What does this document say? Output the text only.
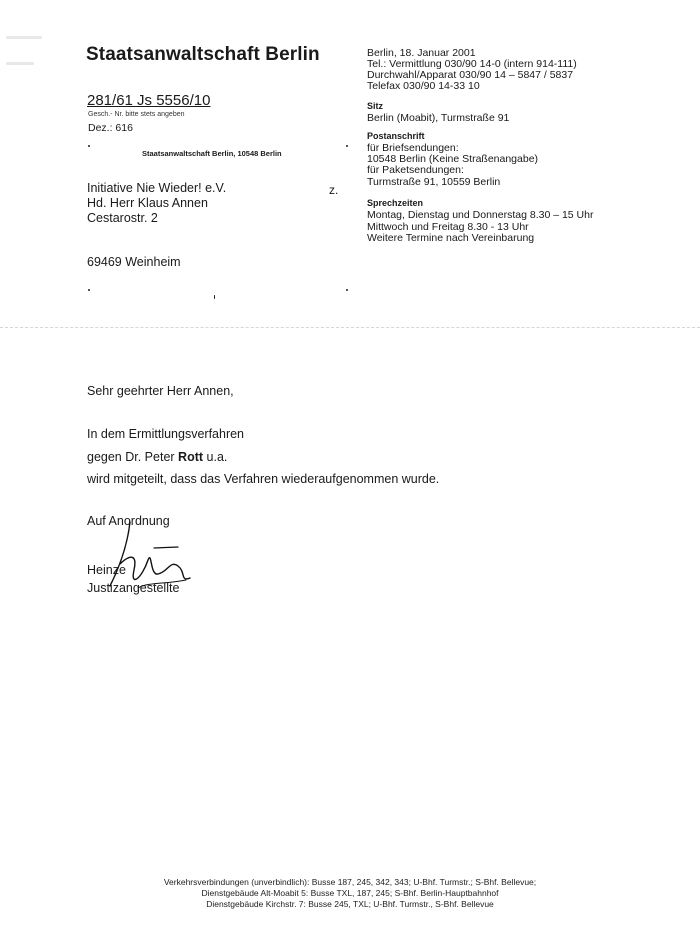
Staatsanwaltschaft Berlin
281/61 Js 5556/10
Gesch.- Nr. bitte stets angeben
Dez.: 616
Staatsanwaltschaft Berlin, 10548 Berlin
Berlin, 18. Januar 2001
Tel.: Vermittlung 030/90 14-0 (intern 914-111)
Durchwahl/Apparat 030/90 14 – 5847 / 5837
Telefax 030/90 14-33 10
Sitz
Berlin (Moabit), Turmstraße 91
Postanschrift
für Briefsendungen:
10548 Berlin (Keine Straßenangabe)
für Paketsendungen:
Turmstraße 91, 10559 Berlin
Sprechzeiten
Montag, Dienstag und Donnerstag 8.30 – 15 Uhr
Mittwoch und Freitag 8.30 - 13 Uhr
Weitere Termine nach Vereinbarung
Initiative Nie Wieder! e.V.
Hd. Herr Klaus Annen
Cestarostr. 2
69469 Weinheim
z.
Sehr geehrter Herr Annen,
In dem Ermittlungsverfahren
gegen Dr. Peter Rott u.a.
wird mitgeteilt, dass das Verfahren wiederaufgenommen wurde.
Auf Anordnung
Heinze
Justizangestellte
Verkehrsverbindungen (unverbindlich): Busse 187, 245, 342, 343; U-Bhf. Turmstr.; S-Bhf. Bellevue;
Dienstgebäude Alt-Moabit 5: Busse TXL, 187, 245; S-Bhf. Berlin-Hauptbahnhof
Dienstgebäude Kirchstr. 7: Busse 245, TXL; U-Bhf. Turmstr., S-Bhf. Bellevue
